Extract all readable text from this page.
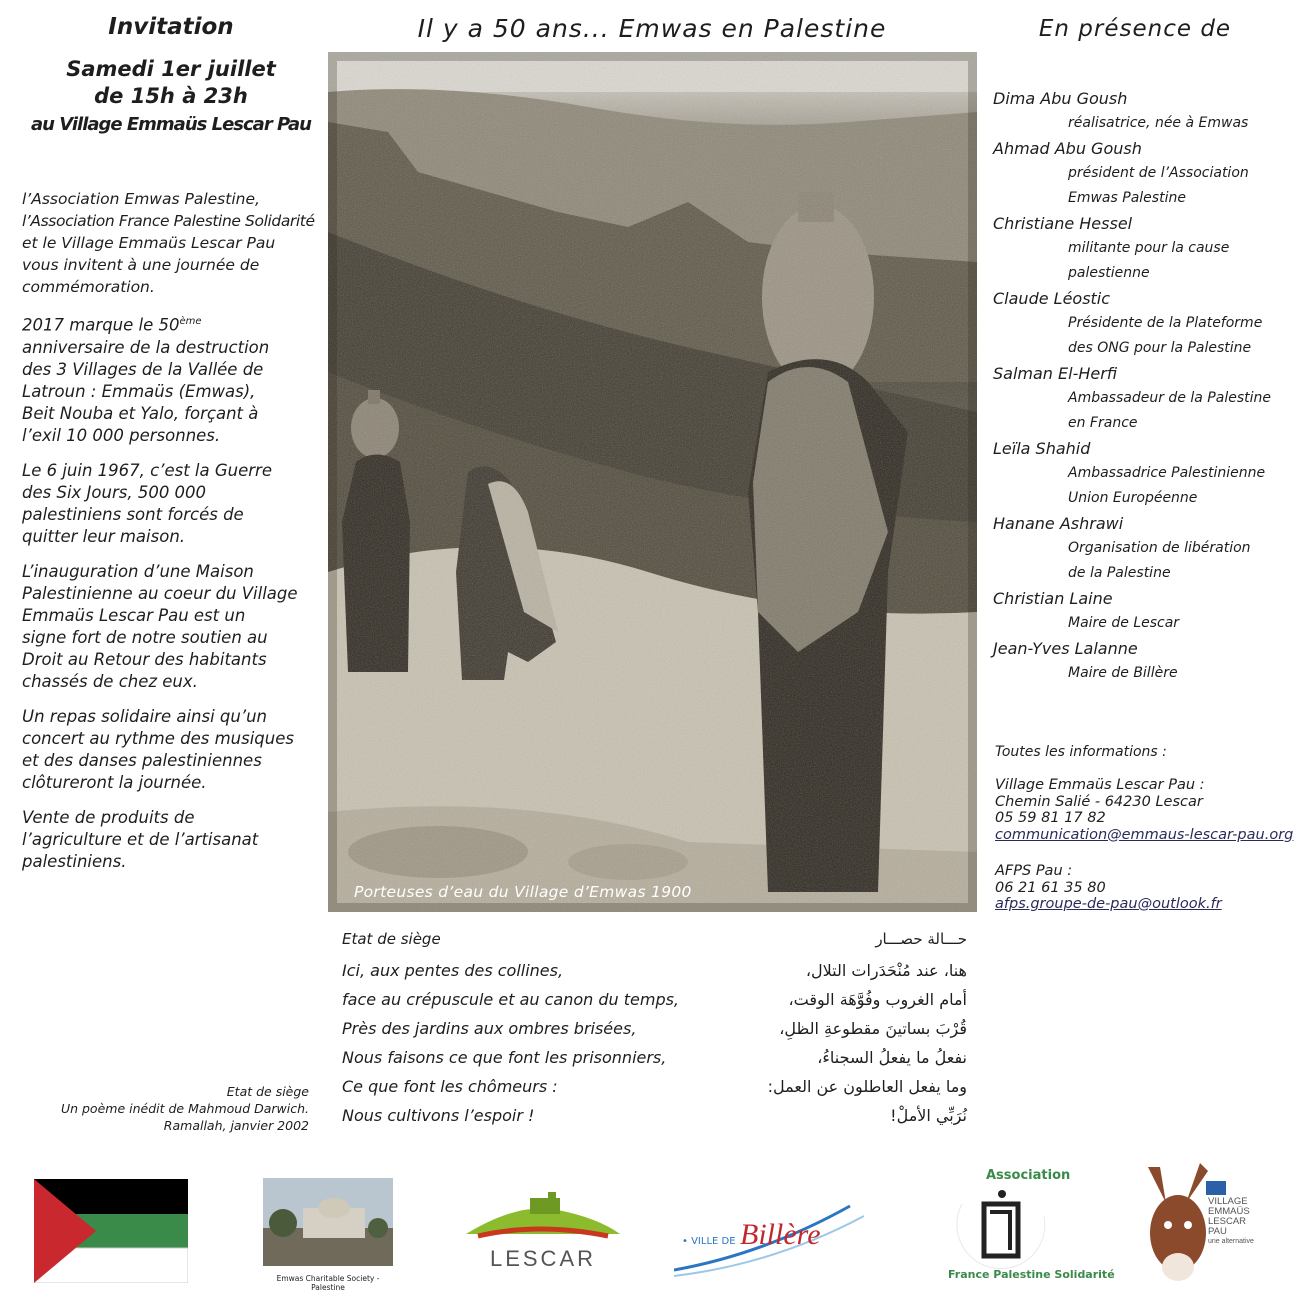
Invitation
Samedi 1er juillet
de 15h à 23h
au Village Emmaüs Lescar Pau
l’Association Emwas Palestine,
l’Association France Palestine Solidarité
et le Village Emmaüs Lescar Pau
vous invitent à une journée de
commémoration.
2017 marque le 50ème
anniversaire de la destruction
des 3 Villages de la Vallée de
Latroun : Emmaüs (Emwas),
Beit Nouba et Yalo, forçant à
l’exil 10 000 personnes.
Le 6 juin 1967, c’est la Guerre
des Six Jours, 500 000
palestiniens sont forcés de
quitter leur maison.
L’inauguration d’une Maison
Palestinienne au coeur du Village
Emmaüs Lescar Pau est un
signe fort de notre soutien au
Droit au Retour des habitants
chassés de chez eux.
Un repas solidaire ainsi qu’un
concert au rythme des musiques
et des danses palestiniennes
clôtureront la journée.
Vente de produits de
l’agriculture et de l’artisanat
palestiniens.
Etat de siège
Un poème inédit de Mahmoud Darwich.
Ramallah, janvier 2002
Il y a 50 ans... Emwas en Palestine
Porteuses d’eau du Village d’Emwas 1900
Etat de siège
Ici, aux pentes des collines,
face au crépuscule et au canon du temps,
Près des jardins aux ombres brisées,
Nous faisons ce que font les prisonniers,
Ce que font les chômeurs :
Nous cultivons l’espoir !
حـــالة حصـــار
هنا، عند مُنْحَدَرات التلال،
أمام الغروب وفُوَّهَة الوقت،
قُرْبَ بساتينَ مقطوعةِ الظلِ،
نفعلُ ما يفعلُ السجناءُ،
وما يفعل العاطلون عن العمل:
نُرَبِّي الأملْ!
En présence de
Dima Abu Goush
réalisatrice, née à Emwas
Ahmad Abu Goush
président de l’Association
Emwas Palestine
Christiane Hessel
militante pour la cause
palestienne
Claude Léostic
Présidente de la Plateforme
des ONG pour la Palestine
Salman El-Herfi
Ambassadeur de la Palestine
en France
Leïla Shahid
Ambassadrice Palestinienne
Union Européenne
Hanane Ashrawi
Organisation de libération
de la Palestine
Christian Laine
Maire de Lescar
Jean-Yves Lalanne
Maire de Billère
Toutes les informations :
Village Emmaüs Lescar Pau :
Chemin Salié - 64230 Lescar
05 59 81 17 82
communication@emmaus-lescar-pau.org
AFPS Pau :
06 21 61 35 80
afps.groupe-de-pau@outlook.fr
Emwas Charitable Society - Palestine
LESCAR
• VILLE DE Billère
Association
France Palestine Solidarité
VILLAGE
EMMAÜS
LESCAR PAU
une alternative
